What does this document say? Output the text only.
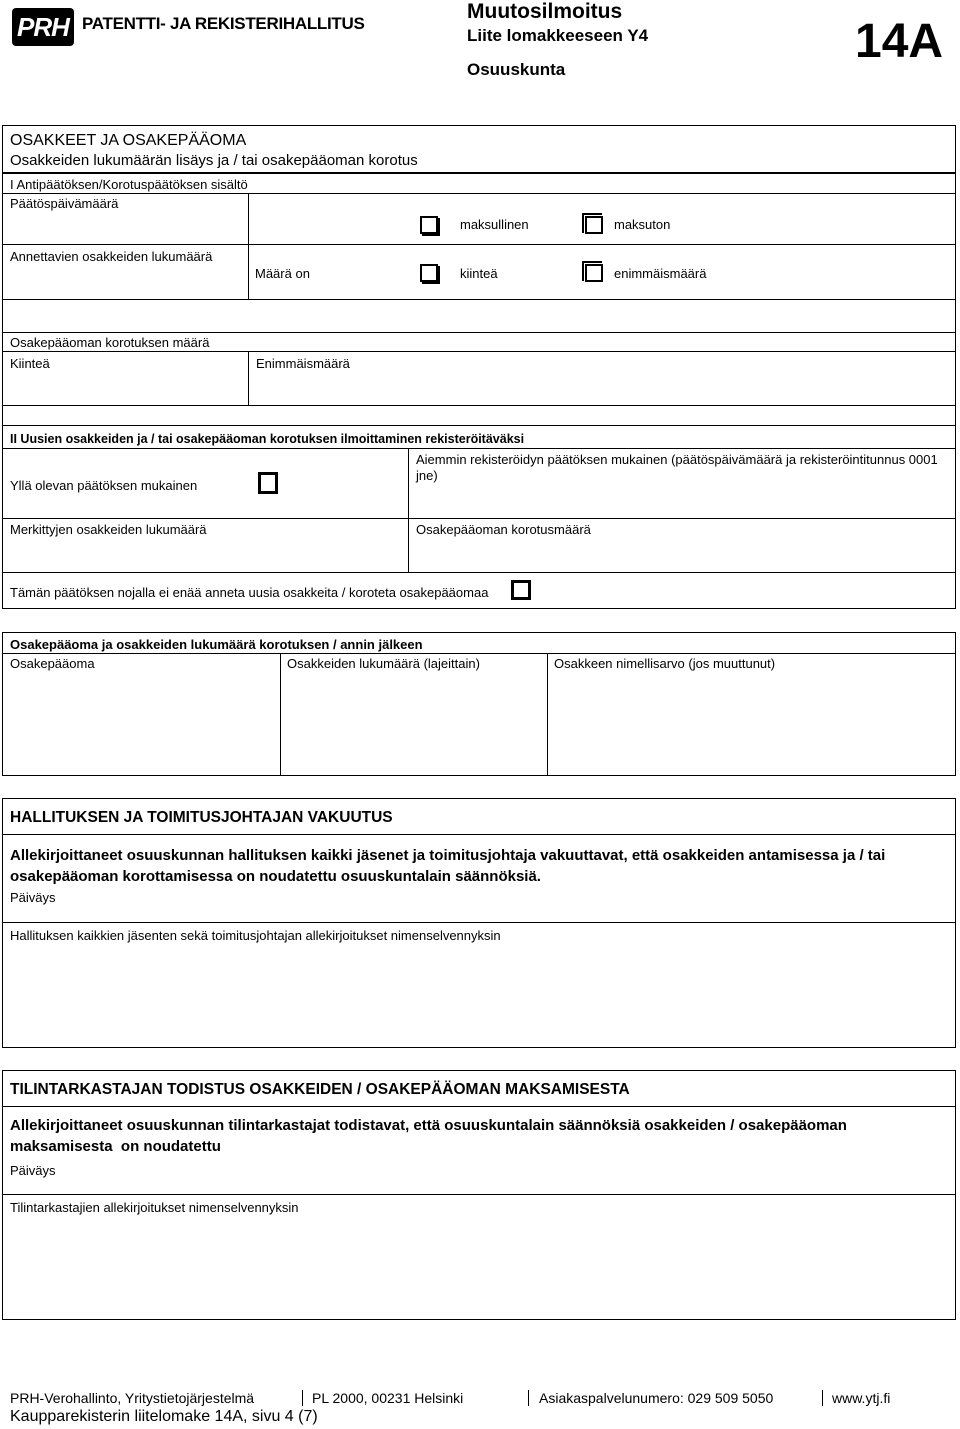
PRH PATENTTI- JA REKISTERIHALLITUS
Muutosilmoitus
Liite lomakkeeseen Y4
Osuuskunta
14A
OSAKKEET JA OSAKEPÄÄOMA
Osakkeiden lukumäärän lisäys ja / tai osakepääoman korotus
I Antipäätöksen/Korotuspäätöksen sisältö
Päätöspäivämäärä
maksullinen	maksuton
Annettavien osakkeiden lukumäärä
Määrä on	kiinteä	enimmäismäärä
Osakepääoman korotuksen määrä
Kiinteä	Enimmäismäärä
II Uusien osakkeiden ja / tai osakepääoman korotuksen ilmoittaminen rekisteröitäväksi
Yllä olevan päätöksen mukainen
Aiemmin rekisteröidyn päätöksen mukainen (päätöspäivämäärä ja rekisteröintitunnus 0001 jne)
Merkittyjen osakkeiden lukumäärä	Osakepääoman korotusmäärä
Tämän päätöksen nojalla ei enää anneta uusia osakkeita / koroteta osakepääomaa
Osakepääoma ja osakkeiden lukumäärä korotuksen / annin jälkeen
Osakepääoma	Osakkeiden lukumäärä (lajeittain)	Osakkeen nimellisarvo (jos muuttunut)
HALLITUKSEN JA TOIMITUSJOHTAJAN VAKUUTUS
Allekirjoittaneet osuuskunnan hallituksen kaikki jäsenet ja toimitusjohtaja vakuuttavat, että osakkeiden antamisessa ja / tai osakepääoman korottamisessa on noudatettu osuuskuntalain säännöksiä.
Päiväys
Hallituksen kaikkien jäsenten sekä toimitusjohtajan allekirjoitukset nimenselvennyksin
TILINTARKASTAJAN TODISTUS OSAKKEIDEN / OSAKEPÄÄOMAN MAKSAMISESTA
Allekirjoittaneet osuuskunnan tilintarkastajat todistavat, että osuuskuntalain säännöksiä osakkeiden / osakepääoman maksamisesta  on noudatettu
Päiväys
Tilintarkastajien allekirjoitukset nimenselvennyksin
PRH-Verohallinto, Yritystietojärjestelmä	PL 2000, 00231 Helsinki	Asiakaspalvelunumero: 029 509 5050	www.ytj.fi
Kaupparekisterin liitelomake 14A, sivu 4 (7)
